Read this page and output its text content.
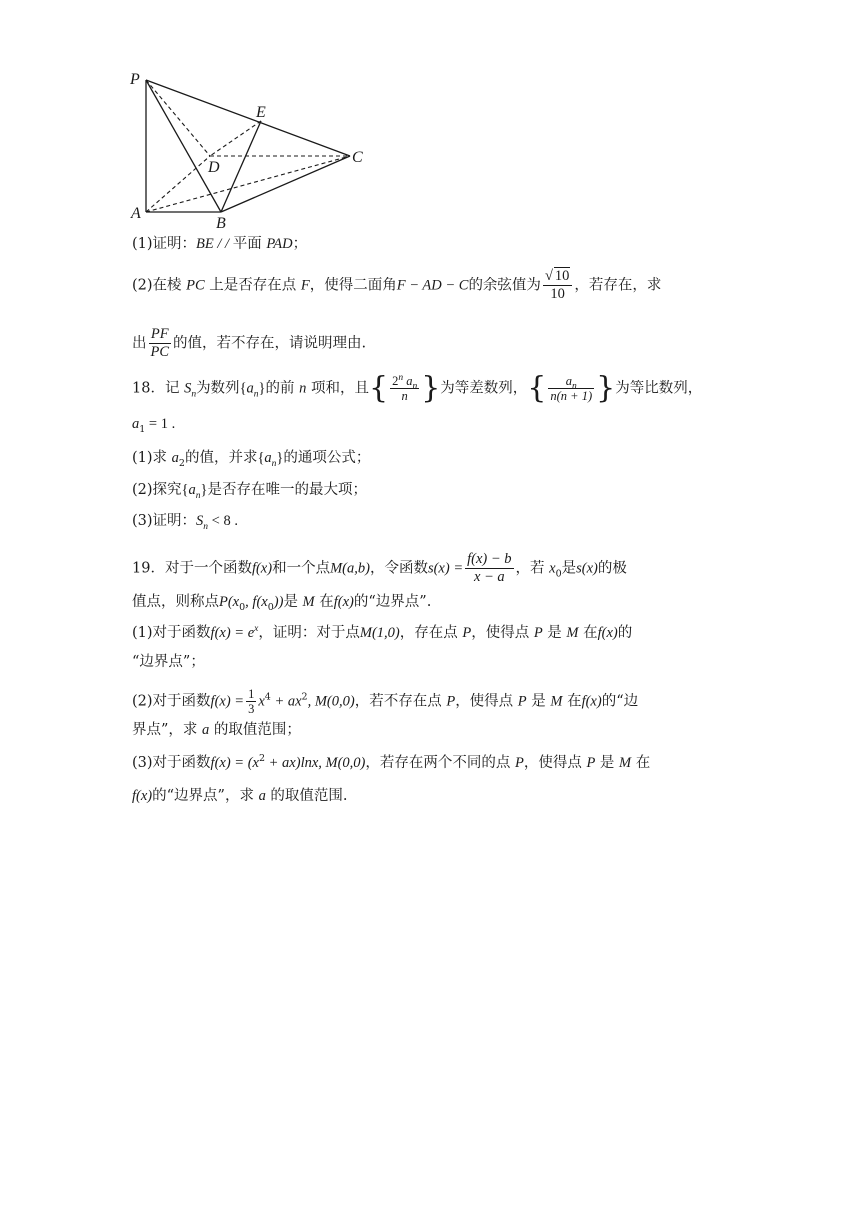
P
E
D
C
A
B
(1)证明：BE / / 平面 PAD；
(2)在棱 PC 上是否存在点 F，使得二面角F − AD − C的余弦值为 $\frac{√ 10}{10}$ ，若存在，求
出 $\frac{PF}{PC}$ 的值，若不存在，请说明理由.
18．记 $S_n$为数列$\{a_n\}$的前 n 项和，且{ $\frac{2^n a_n}{n}$ }为等差数列，{ $\frac{a_n}{n(n + 1)}$ }为等比数列，
$a_1 = 1$ .
(1)求 $a_2$的值，并求$\{a_n\}$的通项公式；
(2)探究$\{a_n\}$是否存在唯一的最大项；
(3)证明：$S_n < 8$ .
19．对于一个函数f(x)和一个点M(a,b)，令函数$s(x) = \frac{f(x) - b}{x - a}$ ，若 $x_0$是s(x)的极
值点，则称点$P(x_0$, $f(x_0)$)是 M 在f(x)的“边界点”.
(1)对于函数$f(x) = e^x$，证明：对于点M(1,0)，存在点 P，使得点 P 是 M 在f(x)的
“边界点”；
(2)对于函数$f(x) = \frac{1}{3} x^4 + ax^2$, M(0,0)，若不存在点 P，使得点 P 是 M 在f(x)的“边
界点”，求 a 的取值范围；
(3)对于函数$f(x) = (x^2 + ax)\ln x$, M(0,0)，若存在两个不同的点 P，使得点 P 是 M 在
f(x)的“边界点”，求 a 的取值范围.
